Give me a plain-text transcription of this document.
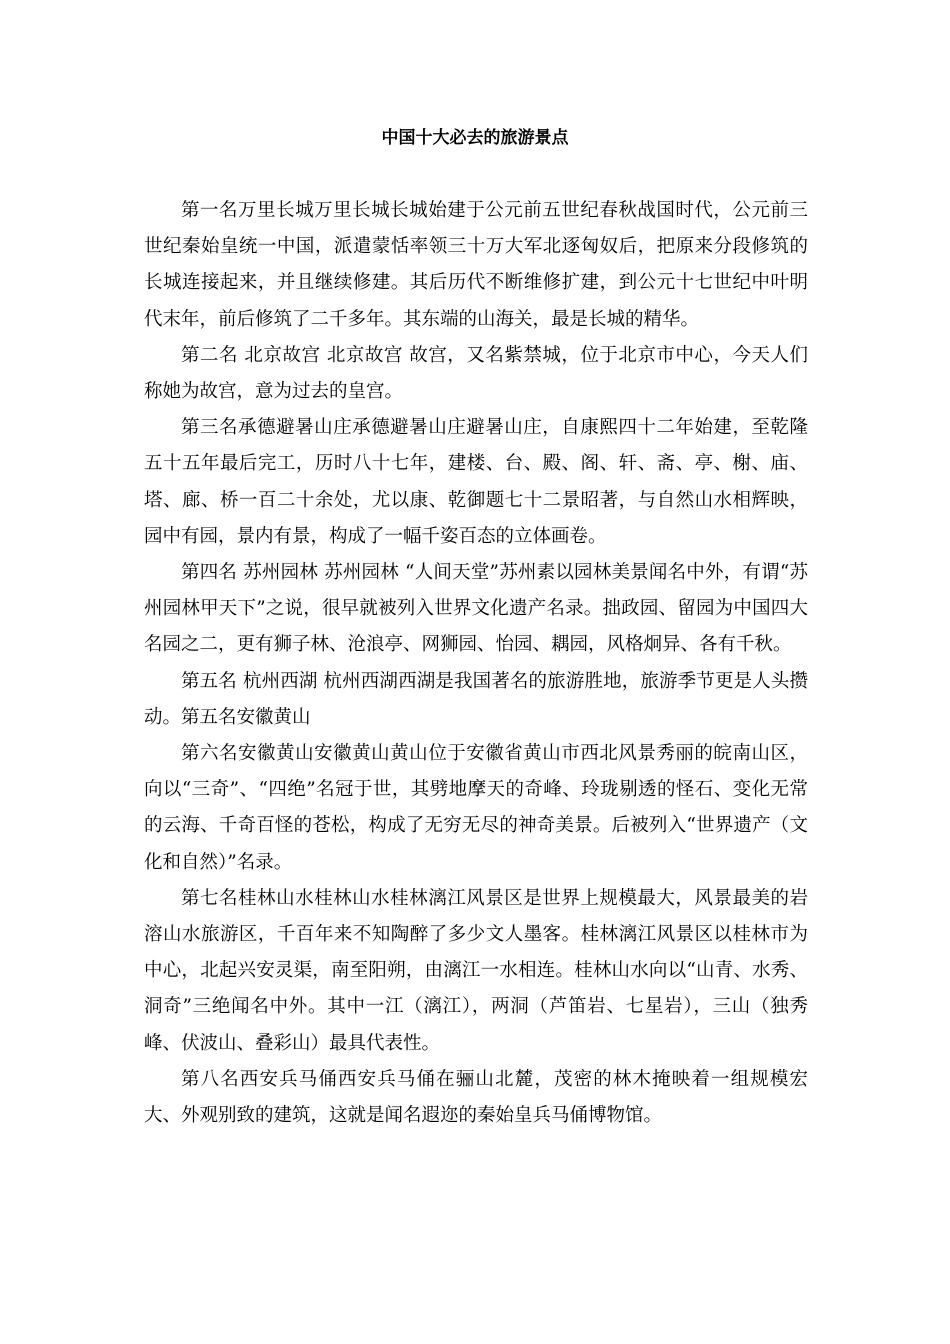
中国十大必去的旅游景点

第一名万里长城万里长城长城始建于公元前五世纪春秋战国时代，公元前三世纪秦始皇统一中国，派遣蒙恬率领三十万大军北逐匈奴后，把原来分段修筑的长城连接起来，并且继续修建。其后历代不断维修扩建，到公元十七世纪中叶明代末年，前后修筑了二千多年。其东端的山海关，最是长城的精华。

第二名 北京故宫 北京故宫 故宫，又名紫禁城，位于北京市中心，今天人们称她为故宫，意为过去的皇宫。

第三名承德避暑山庄承德避暑山庄避暑山庄，自康熙四十二年始建，至乾隆五十五年最后完工，历时八十七年，建楼、台、殿、阁、轩、斋、亭、榭、庙、塔、廊、桥一百二十余处，尤以康、乾御题七十二景昭著，与自然山水相辉映，园中有园，景内有景，构成了一幅千姿百态的立体画卷。

第四名 苏州园林 苏州园林 “人间天堂”苏州素以园林美景闻名中外，有谓“苏州园林甲天下”之说，很早就被列入世界文化遗产名录。拙政园、留园为中国四大名园之二，更有狮子林、沧浪亭、网狮园、怡园、耦园，风格炯异、各有千秋。

第五名 杭州西湖 杭州西湖西湖是我国著名的旅游胜地，旅游季节更是人头攒动。第五名安徽黄山

第六名安徽黄山安徽黄山黄山位于安徽省黄山市西北风景秀丽的皖南山区，向以“三奇”、“四绝”名冠于世，其劈地摩天的奇峰、玲珑剔透的怪石、变化无常的云海、千奇百怪的苍松，构成了无穷无尽的神奇美景。后被列入“世界遗产（文化和自然）”名录。

第七名桂林山水桂林山水桂林漓江风景区是世界上规模最大，风景最美的岩溶山水旅游区，千百年来不知陶醉了多少文人墨客。桂林漓江风景区以桂林市为中心，北起兴安灵渠，南至阳朔，由漓江一水相连。桂林山水向以“山青、水秀、洞奇”三绝闻名中外。其中一江（漓江），两洞（芦笛岩、七星岩），三山（独秀峰、伏波山、叠彩山）最具代表性。

第八名西安兵马俑西安兵马俑在骊山北麓，茂密的林木掩映着一组规模宏大、外观别致的建筑，这就是闻名遐迩的秦始皇兵马俑博物馆。
